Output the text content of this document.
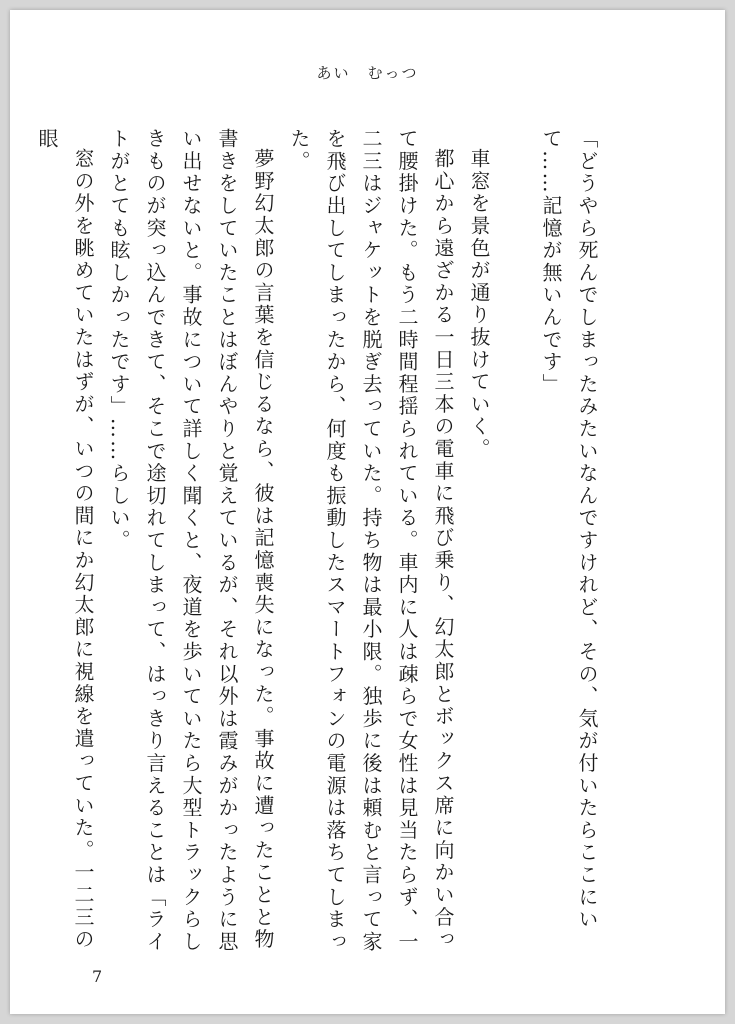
あい　むっつ

「どうやら死んでしまったみたいなんですけれど、その、気が付いたらここにいて……記憶が無いんです」

車窓を景色が通り抜けていく。

都心から遠ざかる一日三本の電車に飛び乗り、幻太郎とボックス席に向かい合って腰掛けた。もう二時間程揺られている。車内に人は疎らで女性は見当たらず、一二三はジャケットを脱ぎ去っていた。持ち物は最小限。独歩に後は頼むと言って家を飛び出してしまったから、何度も振動したスマートフォンの電源は落ちてしまった。

夢野幻太郎の言葉を信じるなら、彼は記憶喪失になった。事故に遭ったことと物書きをしていたことはぼんやりと覚えているが、それ以外は霞みがかったように思い出せないと。事故について詳しく聞くと、夜道を歩いていたら大型トラックらしきものが突っ込んできて、そこで途切れてしまって、はっきり言えることは「ライトがとても眩しかったです」……らしい。

窓の外を眺めていたはずが、いつの間にか幻太郎に視線を遣っていた。一二三の眼

7
